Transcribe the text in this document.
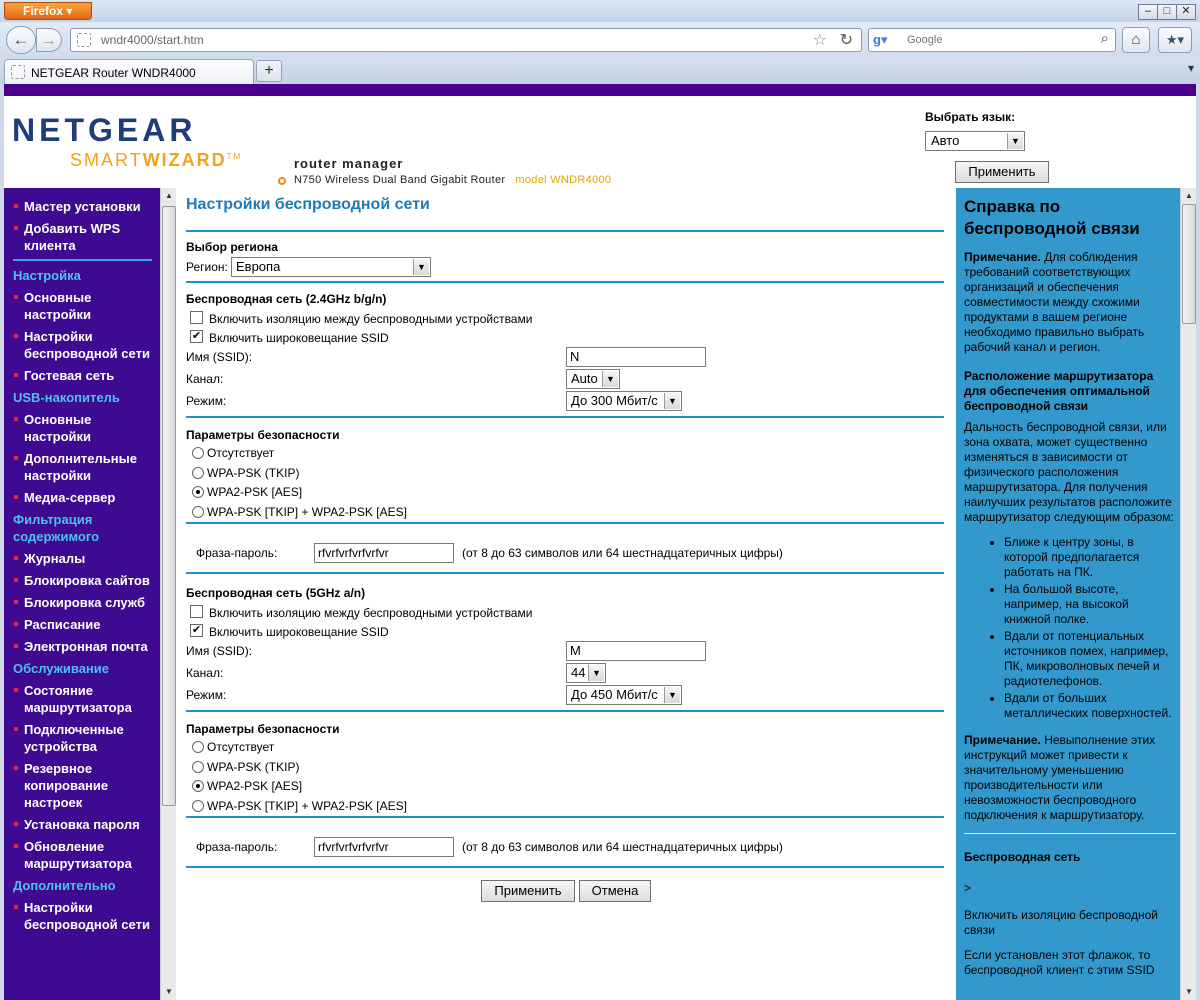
Firefox ▾	–	□	✕
← →	wndr4000/start.htm	☆ ↻ g▾	Google	⌕	⌂	★▾
NETGEAR Router WNDR4000	+	▾
NETGEAR
SMARTWIZARD™	router manager
N750 Wireless Dual Band Gigabit Router model WNDR4000
Выбрать язык:
Авто	▼
Применить
Мастер установки
Добавить WPS клиента
Настройка
Основные настройки
Настройки беспроводной сети
Гостевая сеть
USB-накопитель
Основные настройки
Дополнительные настройки
Медиа-сервер
Фильтрация содержимого
Журналы
Блокировка сайтов
Блокировка служб
Расписание
Электронная почта
Обслуживание
Состояние маршрутизатора
Подключенные устройства
Резервное копирование настроек
Установка пароля
Обновление маршрутизатора
Дополнительно
Настройки беспроводной сети
▲
▼
Настройки беспроводной сети
Выбор региона
Регион: Европа	▼
Беспроводная сеть (2.4GHz b/g/n)
Включить изоляцию между беспроводными устройствами
✔ Включить широковещание SSID
Имя (SSID):	N
Канал:	Auto ▼
Режим:	До 300 Мбит/с	▼
Параметры безопасности
Отсутствует
WPA-PSK (TKIP)
WPA2-PSK [AES]
WPA-PSK [TKIP] + WPA2-PSK [AES]
Фраза-пароль:	rfvrfvrfvrfvrfvr	(от 8 до 63 символов или 64 шестнадцатеричных цифры)
Беспроводная сеть (5GHz a/n)
Включить изоляцию между беспроводными устройствами
✔ Включить широковещание SSID
Имя (SSID):	M
Канал:	44 ▼
Режим:	До 450 Мбит/с	▼
Параметры безопасности
Отсутствует
WPA-PSK (TKIP)
WPA2-PSK [AES]
WPA-PSK [TKIP] + WPA2-PSK [AES]
Фраза-пароль:	rfvrfvrfvrfvrfvr	(от 8 до 63 символов или 64 шестнадцатеричных цифры)
Применить	Отмена
Справка по беспроводной связи

Примечание. Для соблюдения требований соответствующих организаций и обеспечения совместимости между схожими продуктами в вашем регионе необходимо правильно выбрать рабочий канал и регион.

Расположение маршрутизатора для обеспечения оптимальной беспроводной связи

Дальность беспроводной связи, или зона охвата, может существенно изменяться в зависимости от физического расположения маршрутизатора. Для получения наилучших результатов расположите маршрутизатор следующим образом:

• Ближе к центру зоны, в которой предполагается работать на ПК.
• На большой высоте, например, на высокой книжной полке.
• Вдали от потенциальных источников помех, например, ПК, микроволновых печей и радиотелефонов.
• Вдали от больших металлических поверхностей.

Примечание. Невыполнение этих инструкций может привести к значительному уменьшению производительности или невозможности беспроводного подключения к маршрутизатору.

Беспроводная сеть

>

Включить изоляцию беспроводной связи

Если установлен этот флажок, то беспроводной клиент с этим SSID

▲
▼
